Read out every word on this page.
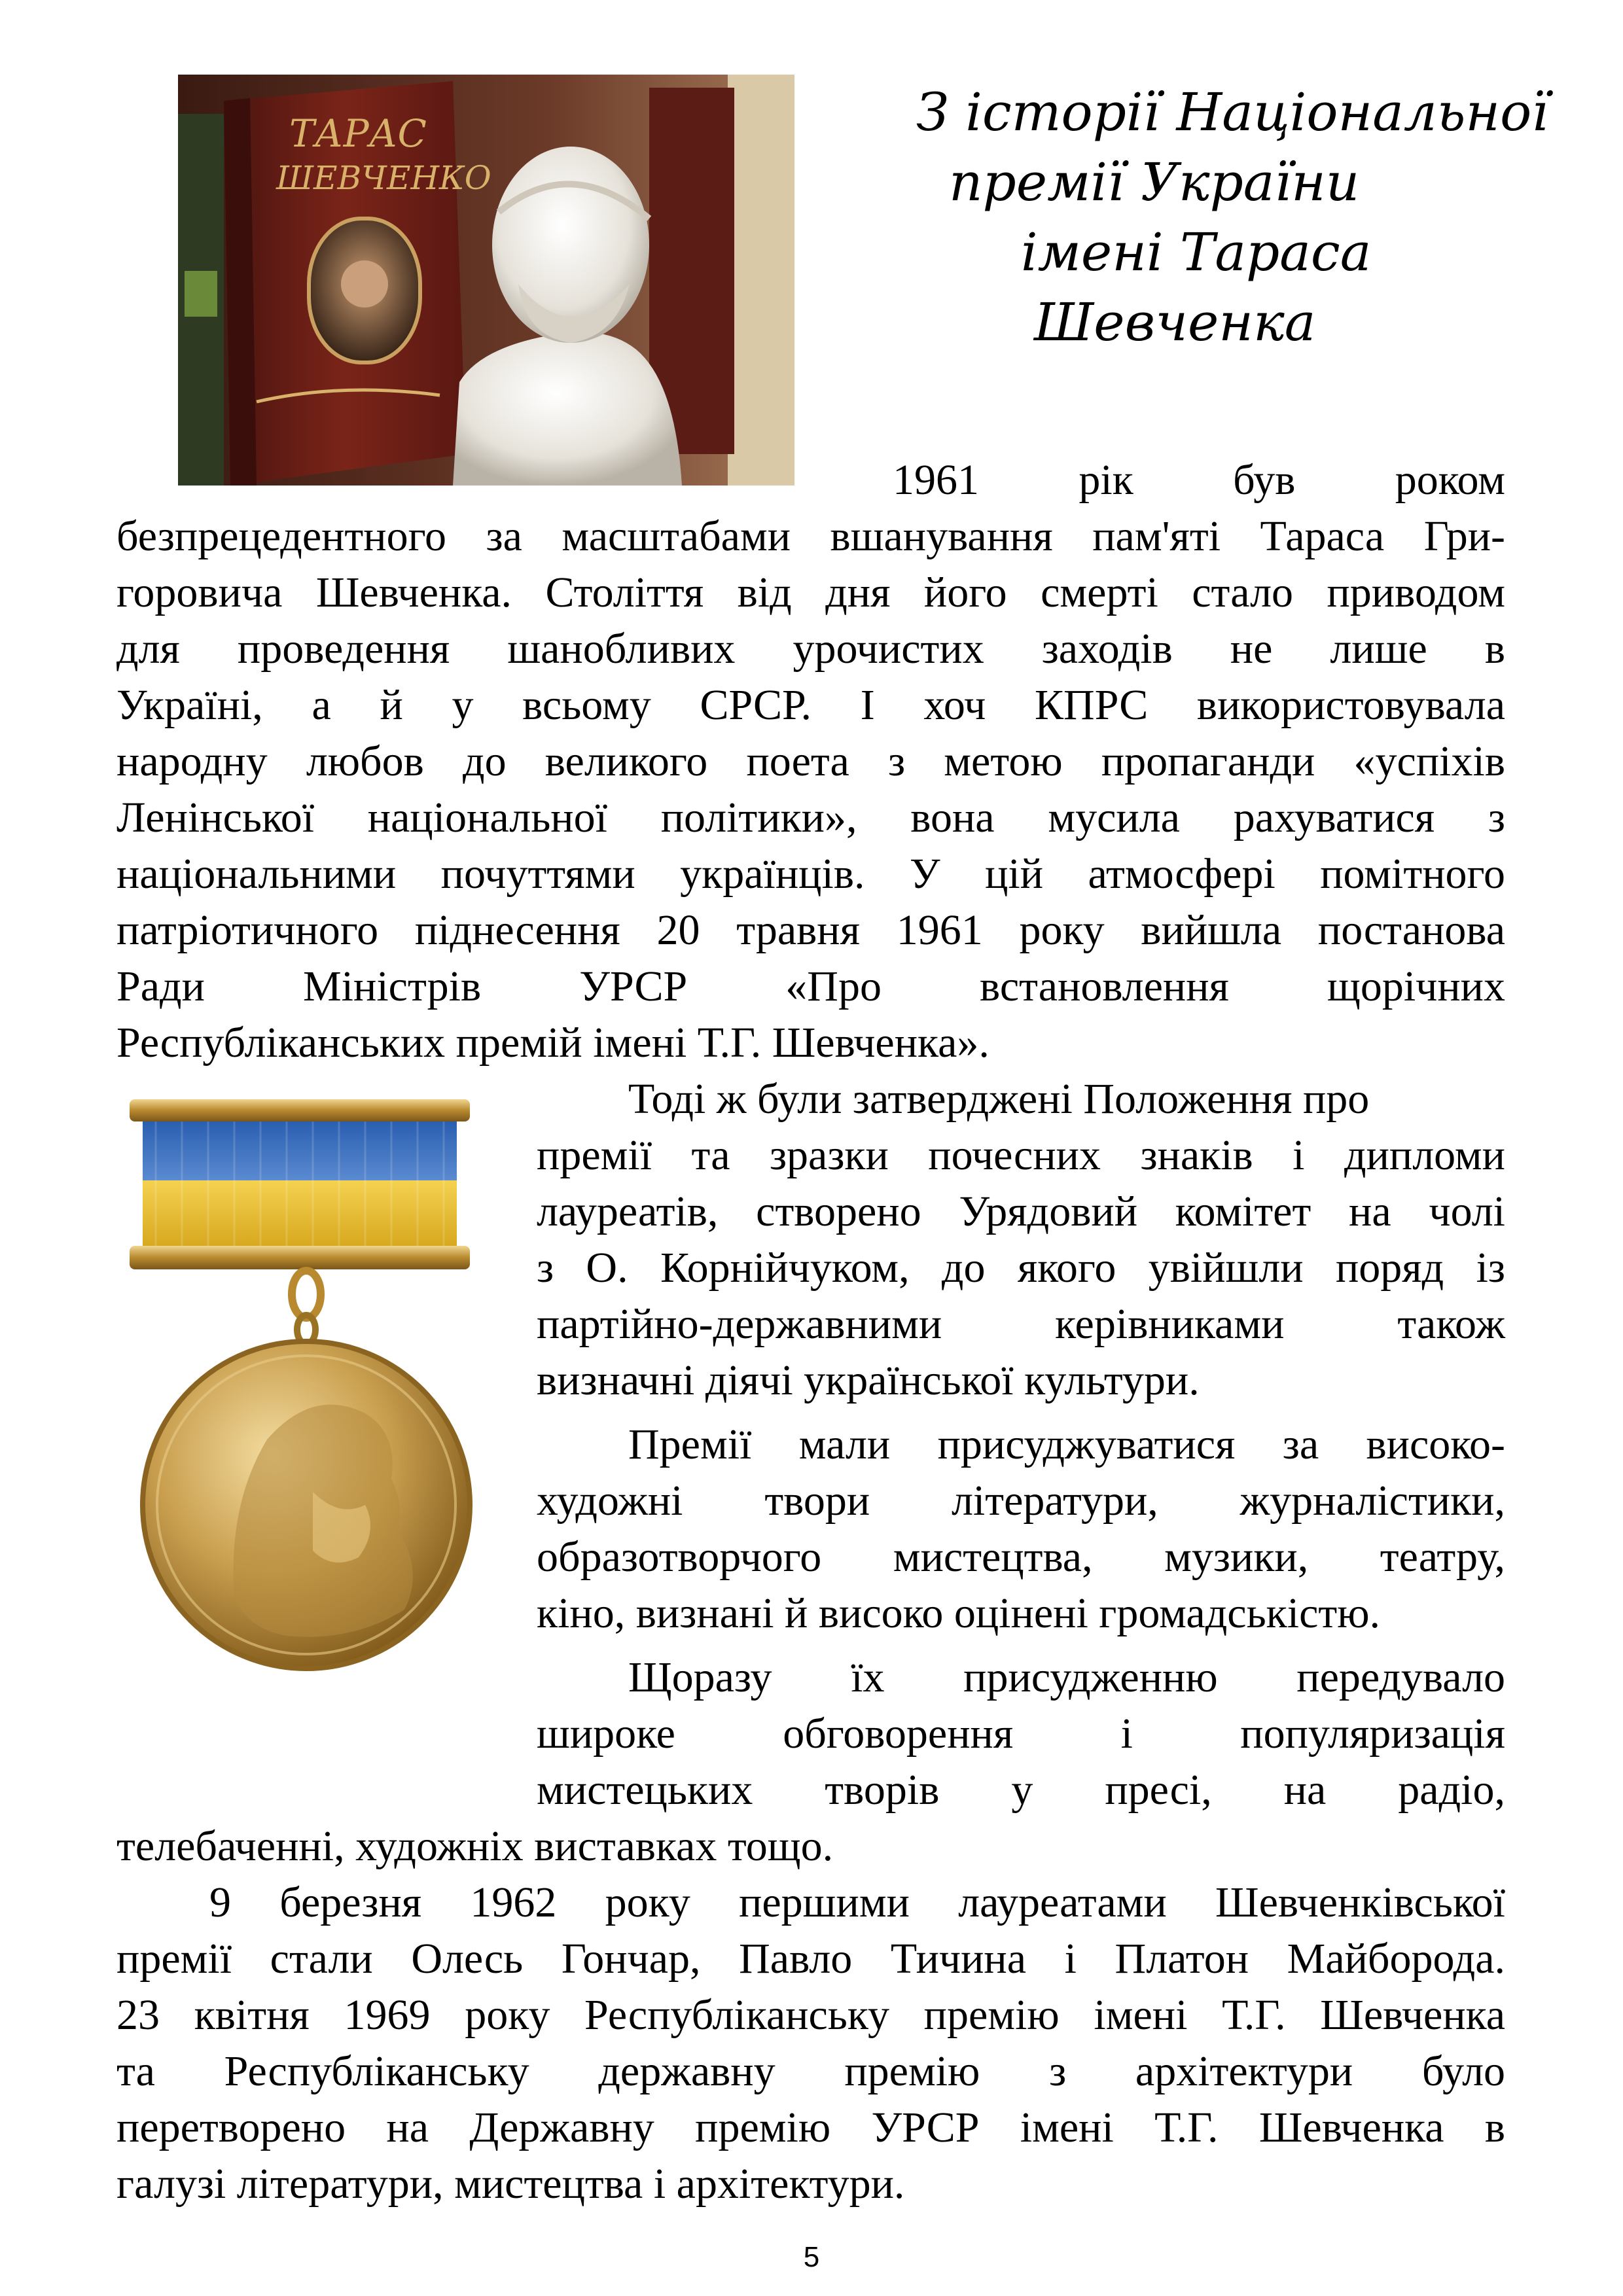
ТАРАС
ШЕВЧЕНКО
З історії Національної
премії України
імені Тараса
Шевченка
1961 рік був роком
безпрецедентного за масштабами вшанування пам'яті Тараса Гри-
горовича Шевченка. Століття від дня його смерті стало приводом
для проведення шанобливих урочистих заходів не лише в
Україні, а й у всьому СРСР. І хоч КПРС використовувала
народну любов до великого поета з метою пропаганди «успіхів
Ленінської національної політики», вона мусила рахуватися з
національними почуттями українців. У цій атмосфері помітного
патріотичного піднесення 20 травня 1961 року вийшла постанова
Ради Міністрів УРСР «Про встановлення щорічних
Республіканських премій імені Т.Г. Шевченка».
Тоді ж були затверджені Положення про
премії та зразки почесних знаків і дипломи
лауреатів, створено Урядовий комітет на чолі
з О. Корнійчуком, до якого увійшли поряд із
партійно-державними керівниками також
визначні діячі української культури.
Премії мали присуджуватися за високо-
художні твори літератури, журналістики,
образотворчого мистецтва, музики, театру,
кіно, визнані й високо оцінені громадськістю.
Щоразу їх присудженню передувало
широке обговорення і популяризація
мистецьких творів у пресі, на радіо,
телебаченні, художніх виставках тощо.
9 березня 1962 року першими лауреатами Шевченківської
премії стали Олесь Гончар, Павло Тичина і Платон Майборода.
23 квітня 1969 року Республіканську премію імені Т.Г. Шевченка
та Республіканську державну премію з архітектури було
перетворено на Державну премію УРСР імені Т.Г. Шевченка в
галузі літератури, мистецтва і архітектури.
5
